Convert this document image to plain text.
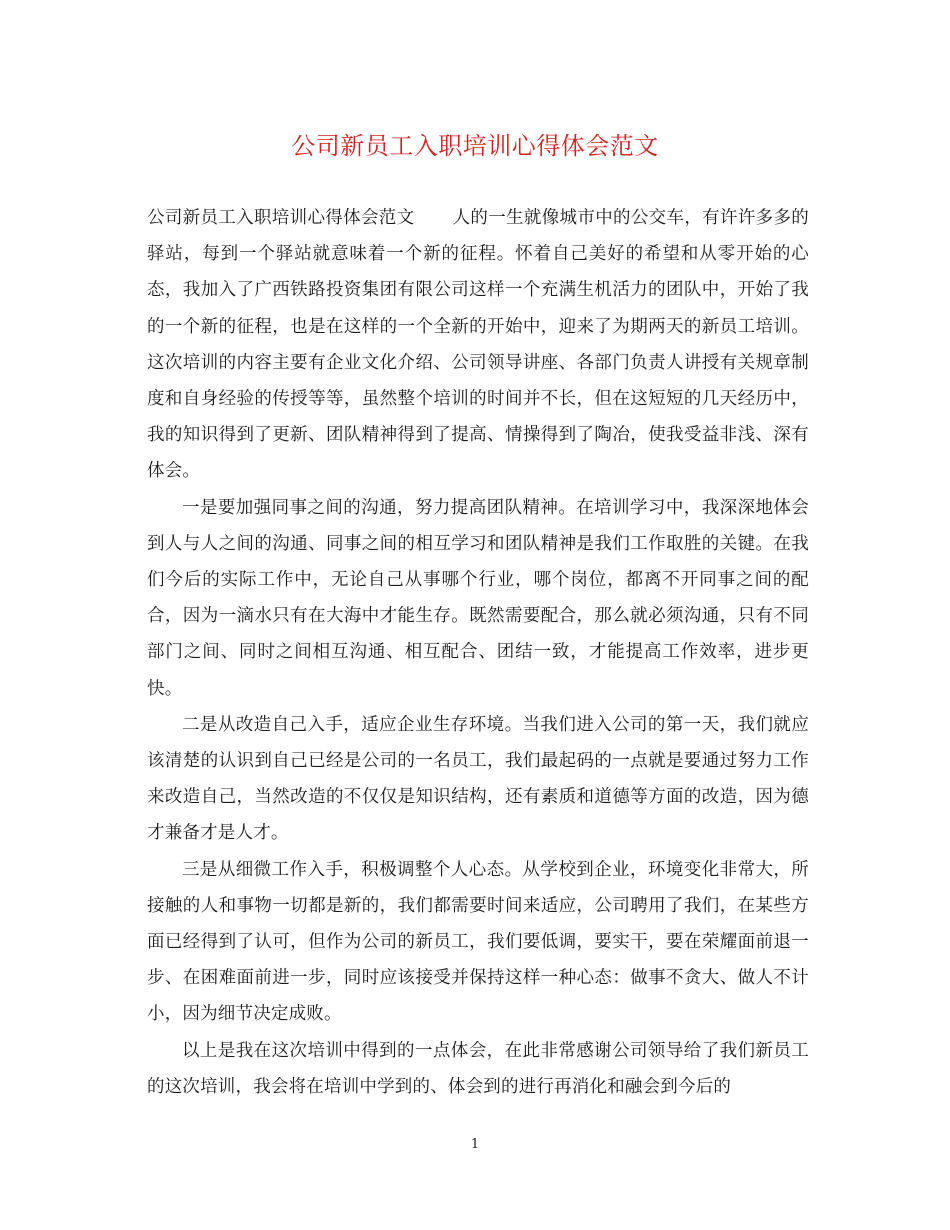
公司新员工入职培训心得体会范文

公司新员工入职培训心得体会范文 人的一生就像城市中的公交车，有许许多多的驿站，每到一个驿站就意味着一个新的征程。怀着自己美好的希望和从零开始的心态，我加入了广西铁路投资集团有限公司这样一个充满生机活力的团队中，开始了我的一个新的征程，也是在这样的一个全新的开始中，迎来了为期两天的新员工培训。这次培训的内容主要有企业文化介绍、公司领导讲座、各部门负责人讲授有关规章制度和自身经验的传授等等，虽然整个培训的时间并不长，但在这短短的几天经历中，我的知识得到了更新、团队精神得到了提高、情操得到了陶冶，使我受益非浅、深有体会。

一是要加强同事之间的沟通，努力提高团队精神。在培训学习中，我深深地体会到人与人之间的沟通、同事之间的相互学习和团队精神是我们工作取胜的关键。在我们今后的实际工作中，无论自己从事哪个行业，哪个岗位，都离不开同事之间的配合，因为一滴水只有在大海中才能生存。既然需要配合，那么就必须沟通，只有不同部门之间、同时之间相互沟通、相互配合、团结一致，才能提高工作效率，进步更快。

二是从改造自己入手，适应企业生存环境。当我们进入公司的第一天，我们就应该清楚的认识到自己已经是公司的一名员工，我们最起码的一点就是要通过努力工作来改造自己，当然改造的不仅仅是知识结构，还有素质和道德等方面的改造，因为德才兼备才是人才。

三是从细微工作入手，积极调整个人心态。从学校到企业，环境变化非常大，所接触的人和事物一切都是新的，我们都需要时间来适应，公司聘用了我们，在某些方面已经得到了认可，但作为公司的新员工，我们要低调，要实干，要在荣耀面前退一步、在困难面前进一步，同时应该接受并保持这样一种心态：做事不贪大、做人不计小，因为细节决定成败。

以上是我在这次培训中得到的一点体会，在此非常感谢公司领导给了我们新员工的这次培训，我会将在培训中学到的、体会到的进行再消化和融会到今后的

1
